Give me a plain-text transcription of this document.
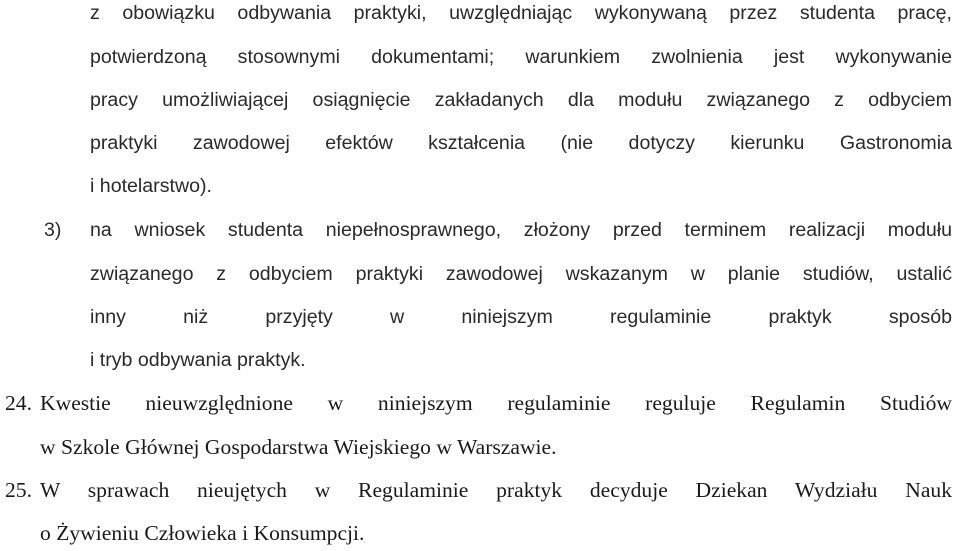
z obowiązku odbywania praktyki, uwzględniając wykonywaną przez studenta pracę,

potwierdzoną stosownymi dokumentami; warunkiem zwolnienia jest wykonywanie

pracy umożliwiającej osiągnięcie zakładanych dla modułu związanego z odbyciem

praktyki zawodowej efektów kształcenia (nie dotyczy kierunku Gastronomia

i hotelarstwo).

3) na wniosek studenta niepełnosprawnego, złożony przed terminem realizacji modułu

związanego z odbyciem praktyki zawodowej wskazanym w planie studiów, ustalić

inny niż przyjęty w niniejszym regulaminie praktyk sposób

i tryb odbywania praktyk.

24. Kwestie nieuwzględnione w niniejszym regulaminie reguluje Regulamin Studiów

w Szkole Głównej Gospodarstwa Wiejskiego w Warszawie.

25. W sprawach nieujętych w Regulaminie praktyk decyduje Dziekan Wydziału Nauk

o Żywieniu Człowieka i Konsumpcji.
